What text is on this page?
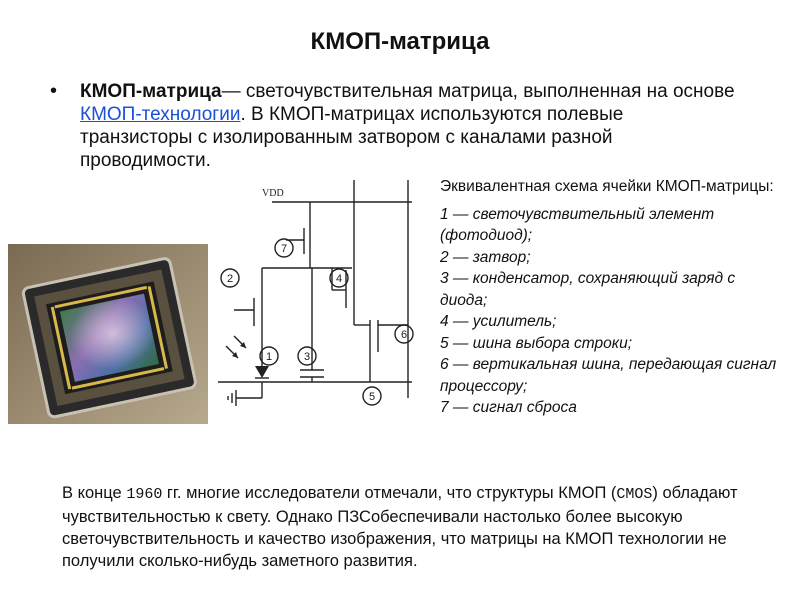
КМОП-матрица
• КМОП-матрица— светочувствительная матрица, выполненная на основе КМОП-технологии. В КМОП-матрицах используются полевые транзисторы с изолированным затвором с каналами разной проводимости.
VDD
1
2
3
4
5
6
7
Эквивалентная схема ячейки КМОП-матрицы:
1 — светочувствительный элемент (фотодиод);
2 — затвор;
3 — конденсатор, сохраняющий заряд с диода;
4 — усилитель;
5 — шина выбора строки;
6 — вертикальная шина, передающая сигнал процессору;
7 — сигнал сброса
В конце 1960 гг. многие исследователи отмечали, что структуры КМОП (CMOS) обладают чувствительностью к свету. Однако ПЗСобеспечивали настолько более высокую светочувствительность и качество изображения, что матрицы на КМОП технологии не получили сколько-нибудь заметного развития.
